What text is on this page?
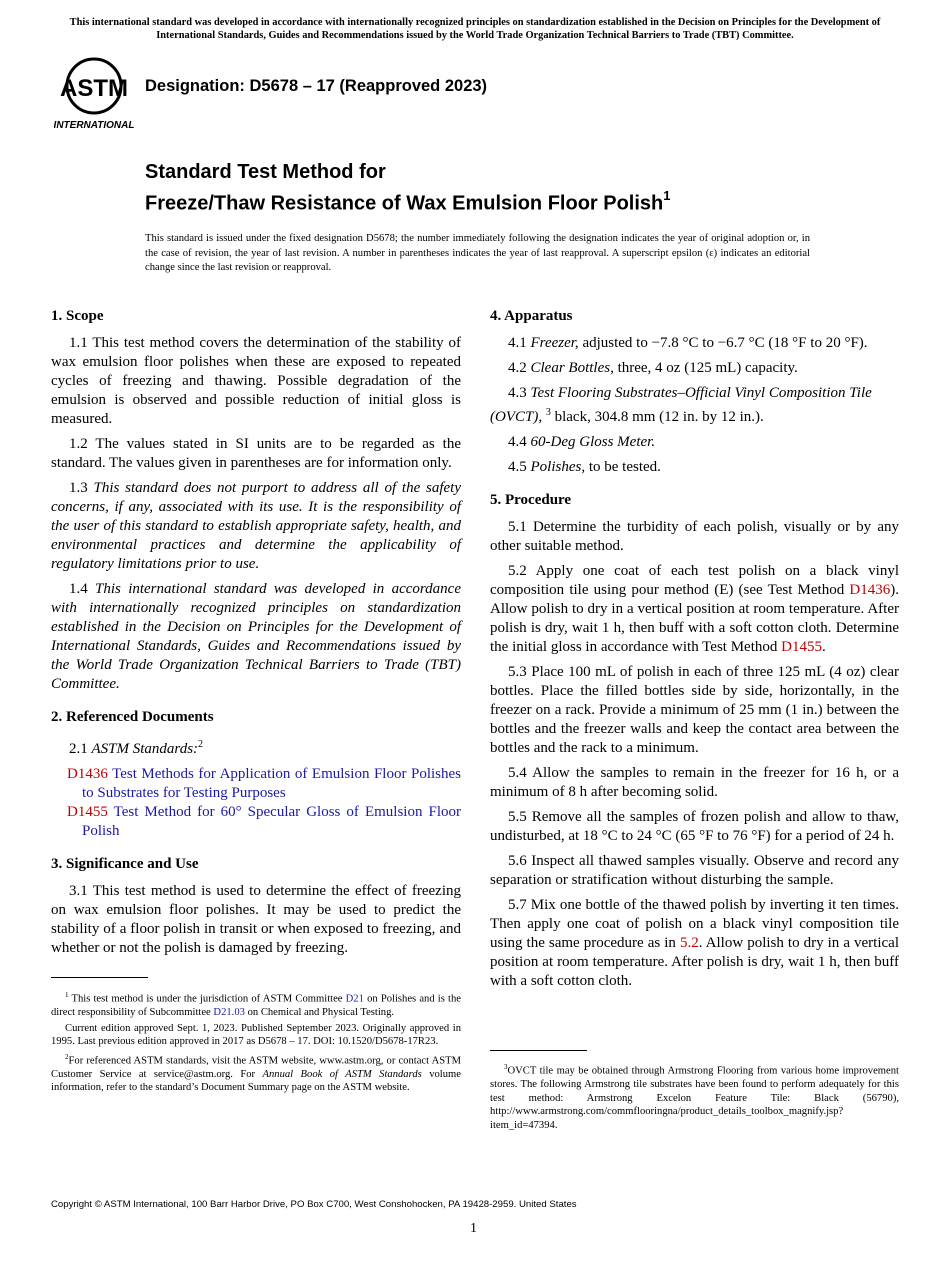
This international standard was developed in accordance with internationally recognized principles on standardization established in the Decision on Principles for the Development of International Standards, Guides and Recommendations issued by the World Trade Organization Technical Barriers to Trade (TBT) Committee.
ASTM
INTERNATIONAL
Designation: D5678 – 17 (Reapproved 2023)
Standard Test Method for
Freeze/Thaw Resistance of Wax Emulsion Floor Polish$^1$
This standard is issued under the fixed designation D5678; the number immediately following the designation indicates the year of original adoption or, in the case of revision, the year of last revision. A number in parentheses indicates the year of last reapproval. A superscript epsilon (ε) indicates an editorial change since the last revision or reapproval.
1. Scope

1.1 This test method covers the determination of the stability of wax emulsion floor polishes when these are exposed to repeated cycles of freezing and thawing. Possible degradation of the emulsion is observed and possible reduction of initial gloss is measured.

1.2 The values stated in SI units are to be regarded as the standard. The values given in parentheses are for information only.

1.3 This standard does not purport to address all of the safety concerns, if any, associated with its use. It is the responsibility of the user of this standard to establish appropriate safety, health, and environmental practices and determine the applicability of regulatory limitations prior to use.

1.4 This international standard was developed in accordance with internationally recognized principles on standardization established in the Decision on Principles for the Development of International Standards, Guides and Recommendations issued by the World Trade Organization Technical Barriers to Trade (TBT) Committee.

2. Referenced Documents

2.1 ASTM Standards:$^2$

D1436 Test Methods for Application of Emulsion Floor Polishes to Substrates for Testing Purposes
D1455 Test Method for 60° Specular Gloss of Emulsion Floor Polish
3. Significance and Use

3.1 This test method is used to determine the effect of freezing on wax emulsion floor polishes. It may be used to predict the stability of a floor polish in transit or when exposed to freezing, and whether or not the polish is damaged by freezing.

$^1$ This test method is under the jurisdiction of ASTM Committee D21 on Polishes and is the direct responsibility of Subcommittee D21.03 on Chemical and Physical Testing.

Current edition approved Sept. 1, 2023. Published September 2023. Originally approved in 1995. Last previous edition approved in 2017 as D5678 – 17. DOI: 10.1520/D5678-17R23.

$^2$For referenced ASTM standards, visit the ASTM website, www.astm.org, or contact ASTM Customer Service at service@astm.org. For Annual Book of ASTM Standards volume information, refer to the standard’s Document Summary page on the ASTM website.

4. Apparatus

4.1 Freezer, adjusted to −7.8 °C to −6.7 °C (18 °F to 20 °F).

4.2 Clear Bottles, three, 4 oz (125 mL) capacity.

4.3 Test Flooring Substrates–Official Vinyl Composition Tile (OVCT), $^3$ black, 304.8 mm (12 in. by 12 in.).

4.4 60-Deg Gloss Meter.

4.5 Polishes, to be tested.

5. Procedure

5.1 Determine the turbidity of each polish, visually or by any other suitable method.

5.2 Apply one coat of each test polish on a black vinyl composition tile using pour method (E) (see Test Method D1436). Allow polish to dry in a vertical position at room temperature. After polish is dry, wait 1 h, then buff with a soft cotton cloth. Determine the initial gloss in accordance with Test Method D1455.

5.3 Place 100 mL of polish in each of three 125 mL (4 oz) clear bottles. Place the filled bottles side by side, horizontally, in the freezer on a rack. Provide a minimum of 25 mm (1 in.) between the bottles and the freezer walls and keep the contact area between the bottles and the rack to a minimum.

5.4 Allow the samples to remain in the freezer for 16 h, or a minimum of 8 h after becoming solid.

5.5 Remove all the samples of frozen polish and allow to thaw, undisturbed, at 18 °C to 24 °C (65 °F to 76 °F) for a period of 24 h.

5.6 Inspect all thawed samples visually. Observe and record any separation or stratification without disturbing the sample.

5.7 Mix one bottle of the thawed polish by inverting it ten times. Then apply one coat of polish on a black vinyl composition tile using the same procedure as in 5.2. Allow polish to dry in a vertical position at room temperature. After polish is dry, wait 1 h, then buff with a soft cotton cloth.

$^3$OVCT tile may be obtained through Armstrong Flooring from various home improvement stores. The following Armstrong tile substrates have been found to perform adequately for this test method: Armstrong Excelon Feature Tile: Black (56790), http://www.armstrong.com/commflooringna/product_details_toolbox_magnify.jsp?item_id=47394.

Copyright © ASTM International, 100 Barr Harbor Drive, PO Box C700, West Conshohocken, PA 19428-2959. United States
1
